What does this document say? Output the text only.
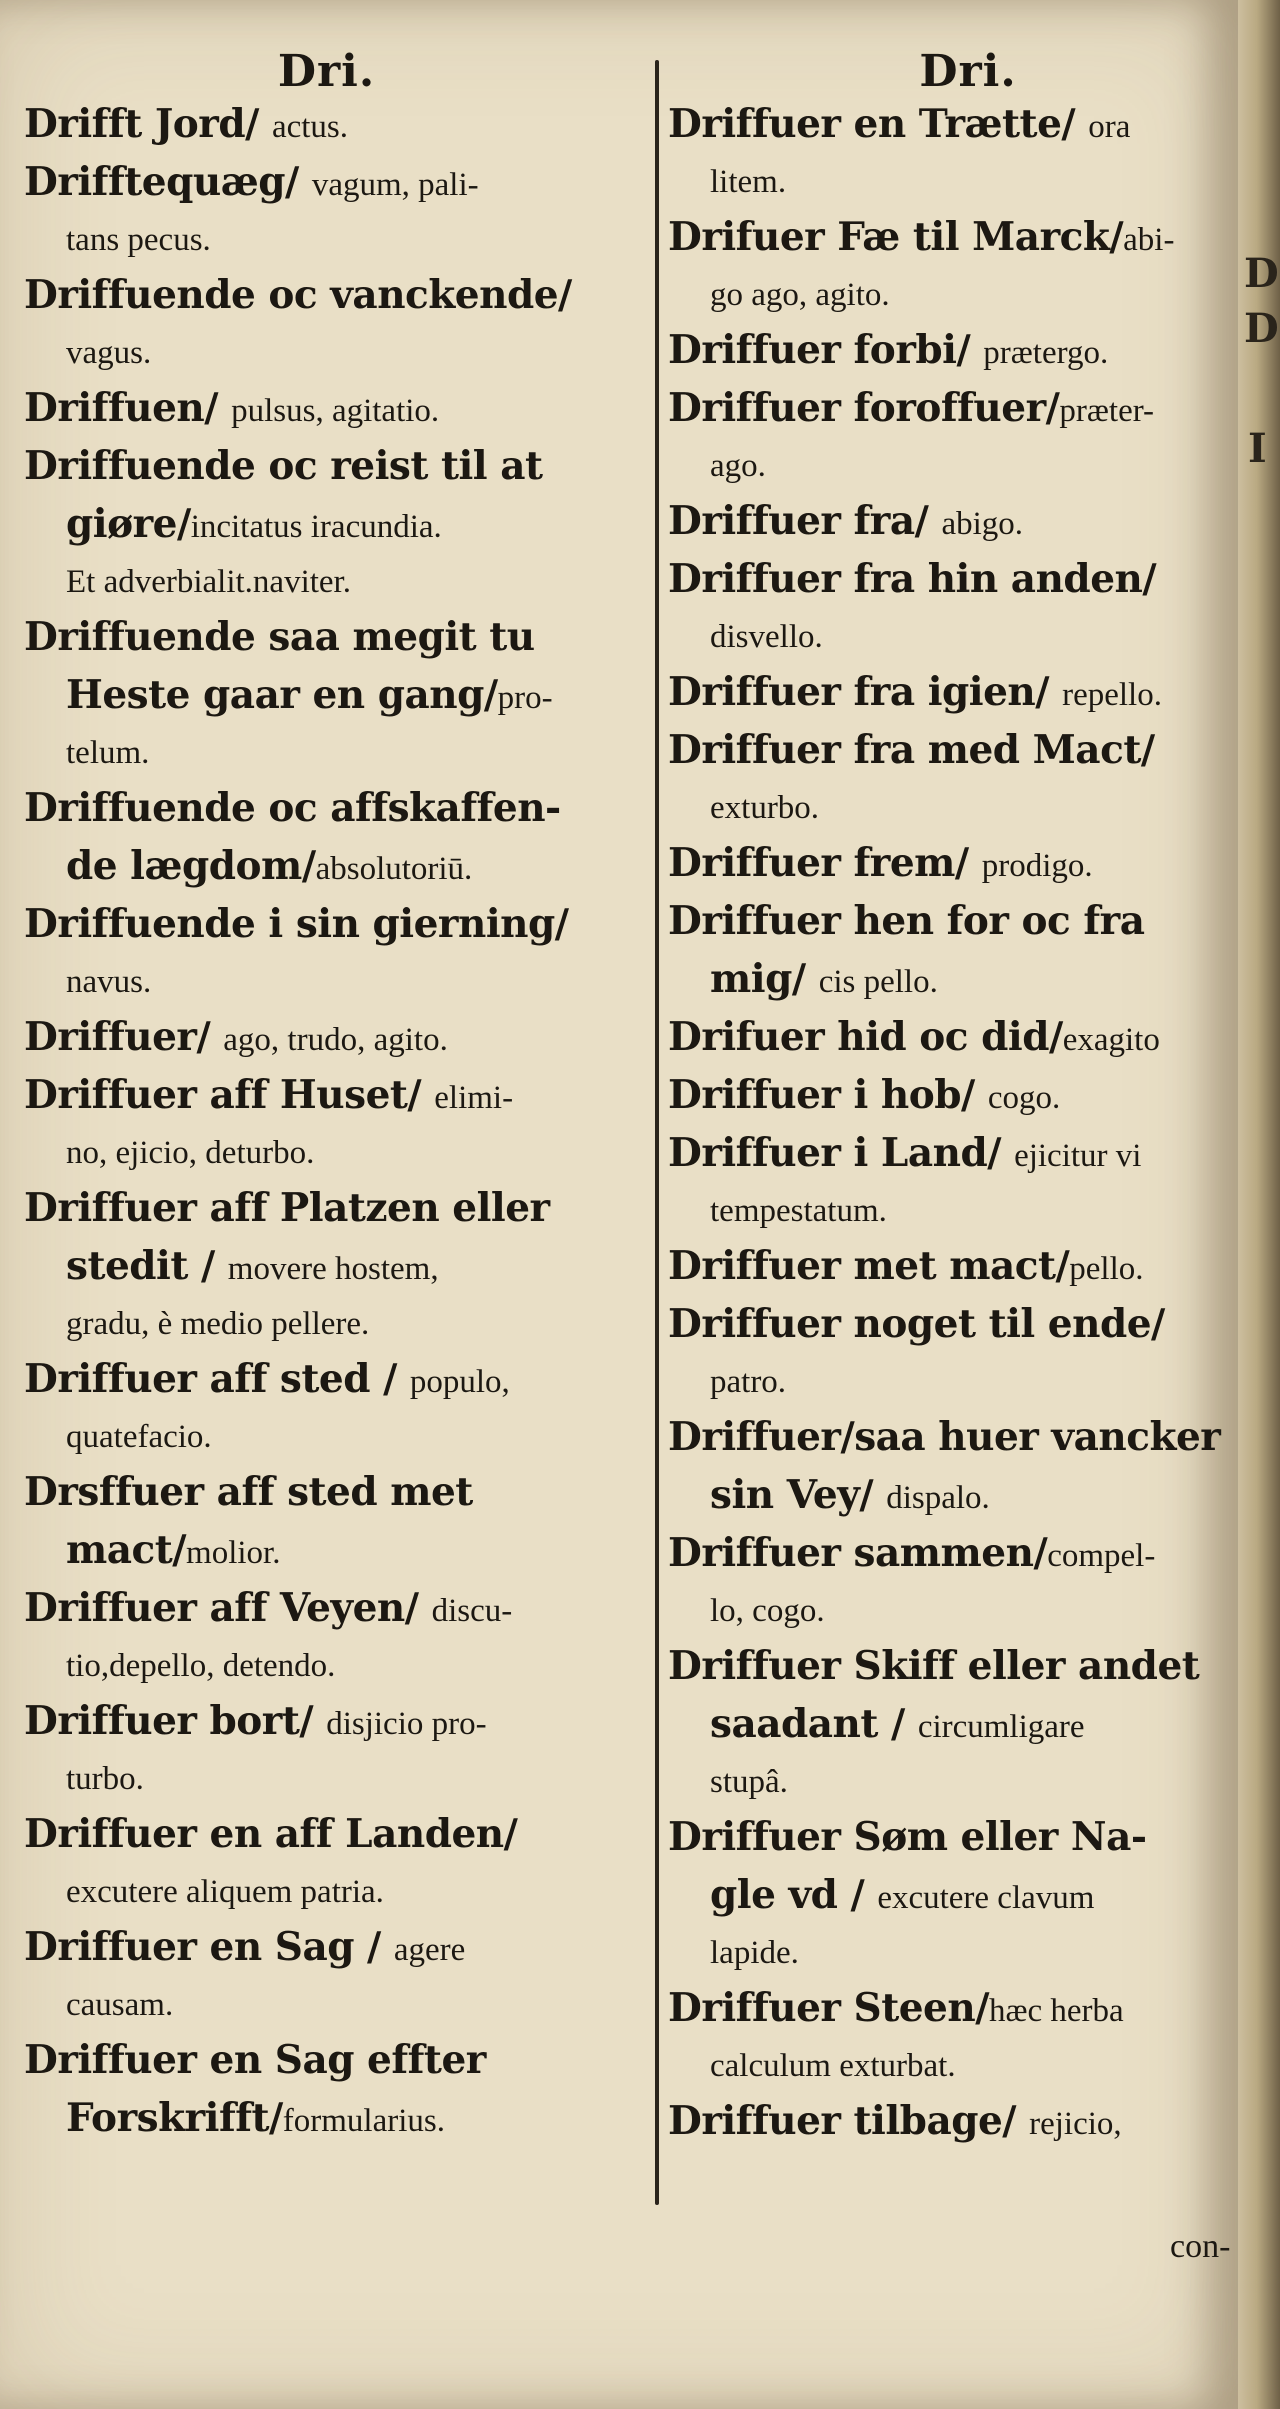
Dri.
Drifft Jord/ actus.
Drifftequæg/ vagum, pali-
tans pecus.
Driffuende oc vanckende/
vagus.
Driffuen/ pulsus, agitatio.
Driffuende oc reist til at
giøre/incitatus iracundia.
Et adverbialit.naviter.
Driffuende saa megit tu
Heste gaar en gang/pro-
telum.
Driffuende oc affskaffen-
de lægdom/absolutoriū.
Driffuende i sin gierning/
navus.
Driffuer/ ago, trudo, agito.
Driffuer aff Huset/ elimi-
no, ejicio, deturbo.
Driffuer aff Platzen eller
stedit / movere hostem,
gradu, è medio pellere.
Driffuer aff sted / populo,
quatefacio.
Drsffuer aff sted met
mact/molior.
Driffuer aff Veyen/ discu-
tio,depello, detendo.
Driffuer bort/ disjicio pro-
turbo.
Driffuer en aff Landen/
excutere aliquem patria.
Driffuer en Sag / agere
causam.
Driffuer en Sag effter
Forskrifft/formularius.
Dri.
Driffuer en Trætte/ ora
litem.
Drifuer Fæ til Marck/abi-
go ago, agito.
Driffuer forbi/ prætergo.
Driffuer foroffuer/præter-
ago.
Driffuer fra/ abigo.
Driffuer fra hin anden/
disvello.
Driffuer fra igien/ repello.
Driffuer fra med Mact/
exturbo.
Driffuer frem/ prodigo.
Driffuer hen for oc fra
mig/ cis pello.
Drifuer hid oc did/exagito
Driffuer i hob/ cogo.
Driffuer i Land/ ejicitur vi
tempestatum.
Driffuer met mact/pello.
Driffuer noget til ende/
patro.
Driffuer/saa huer vancker
sin Vey/ dispalo.
Driffuer sammen/compel-
lo, cogo.
Driffuer Skiff eller andet
saadant / circumligare
stupâ.
Driffuer Søm eller Na-
gle vd / excutere clavum
lapide.
Driffuer Steen/hæc herba
calculum exturbat.
Driffuer tilbage/ rejicio,
con-
D
D
I
